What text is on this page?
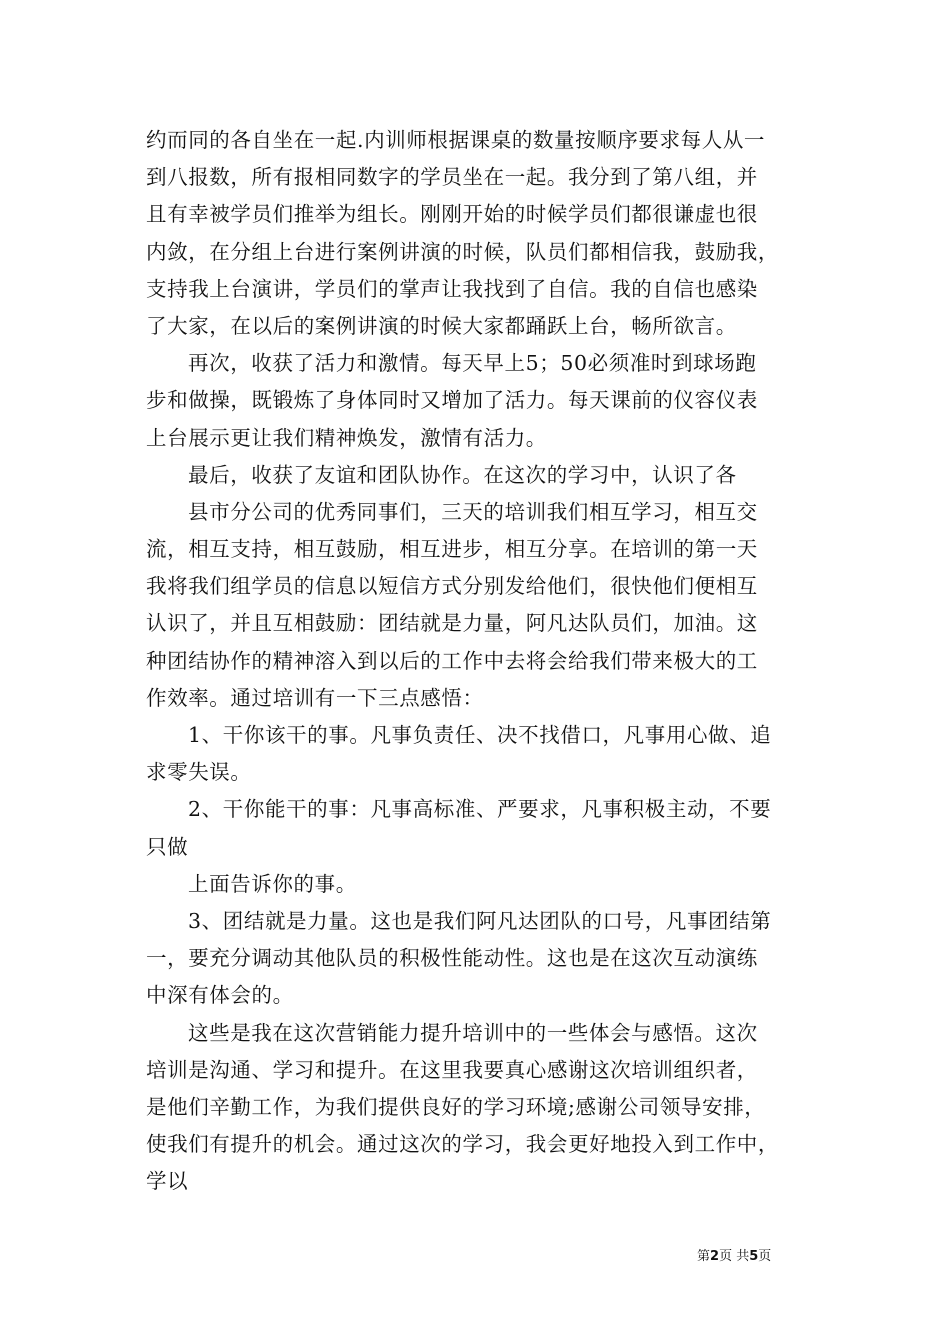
约而同的各自坐在一起.内训师根据课桌的数量按顺序要求每人从一
到八报数，所有报相同数字的学员坐在一起。我分到了第八组，并
且有幸被学员们推举为组长。刚刚开始的时候学员们都很谦虚也很
内敛，在分组上台进行案例讲演的时候，队员们都相信我，鼓励我，
支持我上台演讲，学员们的掌声让我找到了自信。我的自信也感染
了大家，在以后的案例讲演的时候大家都踊跃上台，畅所欲言。
再次，收获了活力和激情。每天早上5；50必须准时到球场跑
步和做操，既锻炼了身体同时又增加了活力。每天课前的仪容仪表
上台展示更让我们精神焕发，激情有活力。
最后，收获了友谊和团队协作。在这次的学习中，认识了各
县市分公司的优秀同事们，三天的培训我们相互学习，相互交
流，相互支持，相互鼓励，相互进步，相互分享。在培训的第一天
我将我们组学员的信息以短信方式分别发给他们，很快他们便相互
认识了，并且互相鼓励：团结就是力量，阿凡达队员们，加油。这
种团结协作的精神溶入到以后的工作中去将会给我们带来极大的工
作效率。通过培训有一下三点感悟：
1、干你该干的事。凡事负责任、决不找借口，凡事用心做、追
求零失误。
2、干你能干的事：凡事高标准、严要求，凡事积极主动，不要
只做
上面告诉你的事。
3、团结就是力量。这也是我们阿凡达团队的口号，凡事团结第
一，要充分调动其他队员的积极性能动性。这也是在这次互动演练
中深有体会的。
这些是我在这次营销能力提升培训中的一些体会与感悟。这次
培训是沟通、学习和提升。在这里我要真心感谢这次培训组织者，
是他们辛勤工作，为我们提供良好的学习环境;感谢公司领导安排，
使我们有提升的机会。通过这次的学习，我会更好地投入到工作中，
学以
第2页 共5页
